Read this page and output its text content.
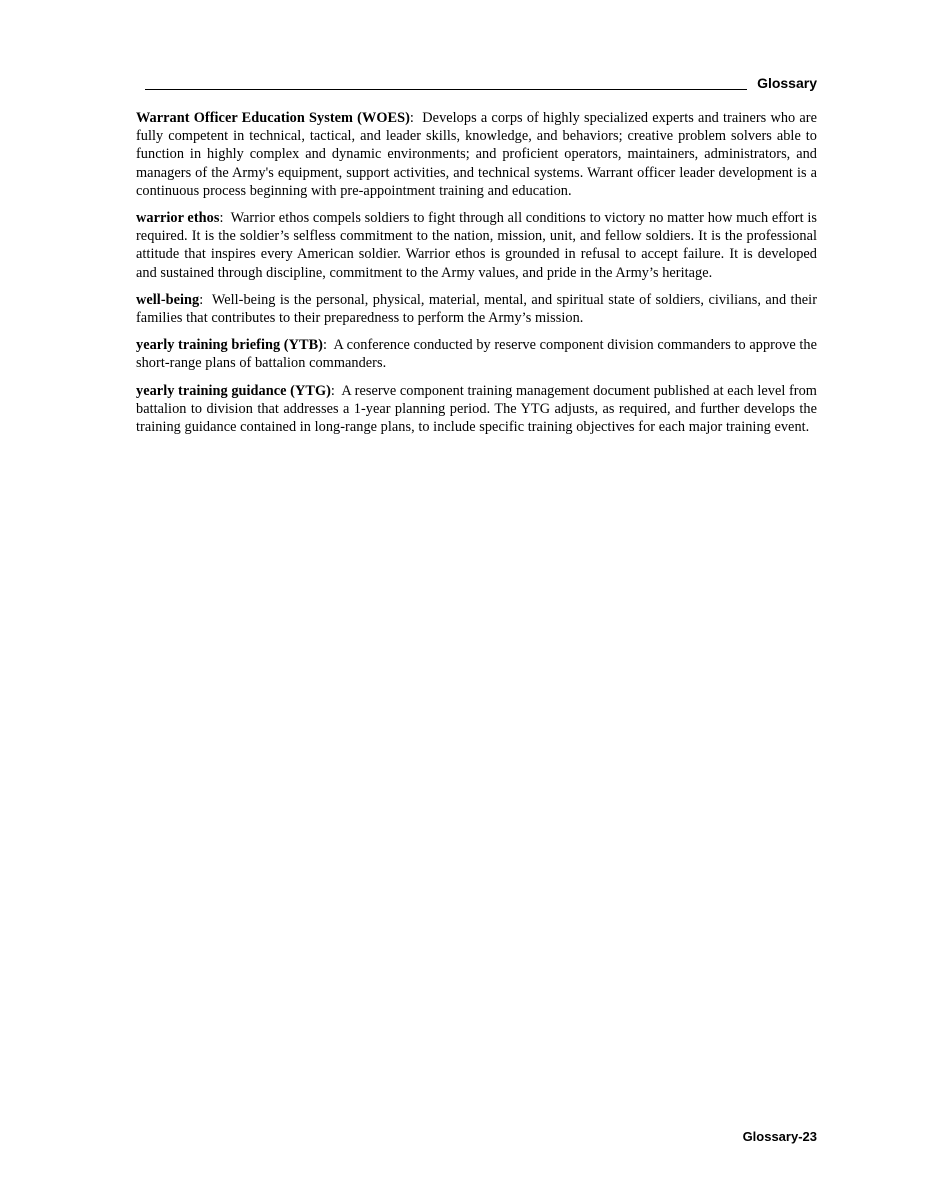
Glossary

Warrant Officer Education System (WOES):  Develops a corps of highly specialized experts and trainers who are fully competent in technical, tactical, and leader skills, knowledge, and behaviors; creative problem solvers able to function in highly complex and dynamic environments; and proficient operators, maintainers, administrators, and managers of the Army's equipment, support activities, and technical systems. Warrant officer leader development is a continuous process beginning with pre-appointment training and education.

warrior ethos:  Warrior ethos compels soldiers to fight through all conditions to victory no matter how much effort is required. It is the soldier’s selfless commitment to the nation, mission, unit, and fellow soldiers. It is the professional attitude that inspires every American soldier. Warrior ethos is grounded in refusal to accept failure. It is developed and sustained through discipline, commitment to the Army values, and pride in the Army’s heritage.

well-being:  Well-being is the personal, physical, material, mental, and spiritual state of soldiers, civilians, and their families that contributes to their preparedness to perform the Army’s mission.

yearly training briefing (YTB):  A conference conducted by reserve component division commanders to approve the short-range plans of battalion commanders.

yearly training guidance (YTG):  A reserve component training management document published at each level from battalion to division that addresses a 1-year planning period. The YTG adjusts, as required, and further develops the training guidance contained in long-range plans, to include specific training objectives for each major training event.

Glossary-23
